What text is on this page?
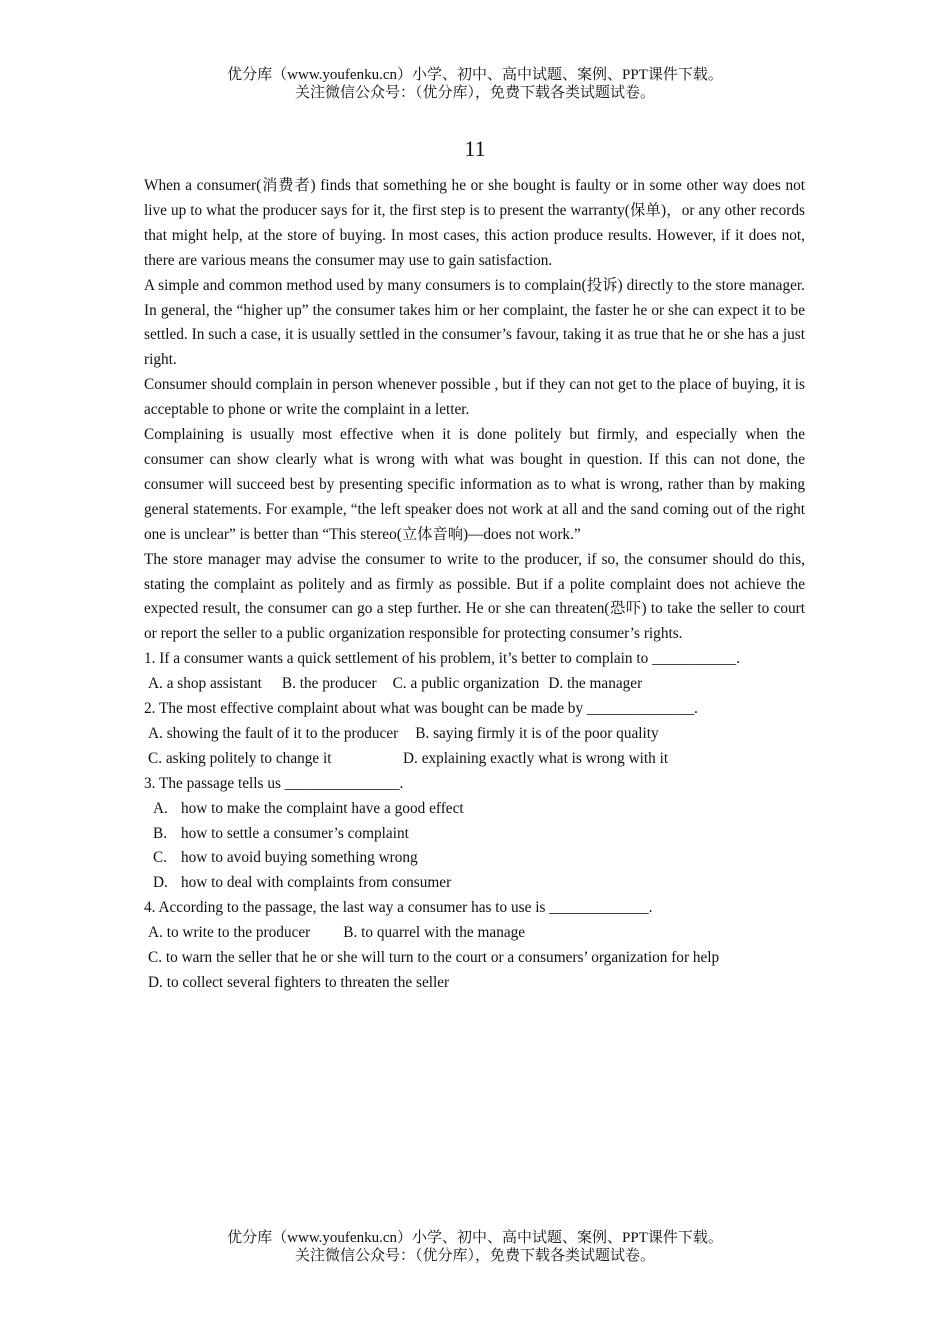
优分库（www.youfenku.cn）小学、初中、高中试题、案例、PPT课件下载。
关注微信公众号：（优分库），免费下载各类试题试卷。
11

When a consumer(消费者) finds that something he or she bought is faulty or in some other way does not live up to what the producer says for it, the first step is to present the warranty(保单)，or any other records that might help, at the store of buying. In most cases, this action produce results. However, if it does not, there are various means the consumer may use to gain satisfaction.

A simple and common method used by many consumers is to complain(投诉) directly to the store manager. In general, the “higher up” the consumer takes him or her complaint, the faster he or she can expect it to be settled. In such a case, it is usually settled in the consumer’s favour, taking it as true that he or she has a just right.

Consumer should complain in person whenever possible , but if they can not get to the place of buying, it is acceptable to phone or write the complaint in a letter.

Complaining is usually most effective when it is done politely but firmly, and especially when the consumer can show clearly what is wrong with what was bought in question. If this can not done, the consumer will succeed best by presenting specific information as to what is wrong, rather than by making general statements. For example, “the left speaker does not work at all and the sand coming out of the right one is unclear” is better than “This stereo(立体音响)—does not work.”

The store manager may advise the consumer to write to the producer, if so, the consumer should do this, stating the complaint as politely and as firmly as possible. But if a polite complaint does not achieve the expected result, the consumer can go a step further. He or she can threaten(恐吓) to take the seller to court or report the seller to a public organization responsible for protecting consumer’s rights.

1. If a consumer wants a quick settlement of his problem, it’s better to complain to ___________.

A. a shop assistant B. the producer C. a public organization D. the manager

2. The most effective complaint about what was bought can be made by ______________.

A. showing the fault of it to the producer B. saying firmly it is of the poor quality

C. asking politely to change it	D. explaining exactly what is wrong with it

3. The passage tells us _______________.

A. how to make the complaint have a good effect

B. how to settle a consumer’s complaint

C. how to avoid buying something wrong

D. how to deal with complaints from consumer

4. According to the passage, the last way a consumer has to use is _____________.

A. to write to the producer B. to quarrel with the manage

C. to warn the seller that he or she will turn to the court or a consumers’ organization for help

D. to collect several fighters to threaten the seller

优分库（www.youfenku.cn）小学、初中、高中试题、案例、PPT课件下载。
关注微信公众号：（优分库），免费下载各类试题试卷。
